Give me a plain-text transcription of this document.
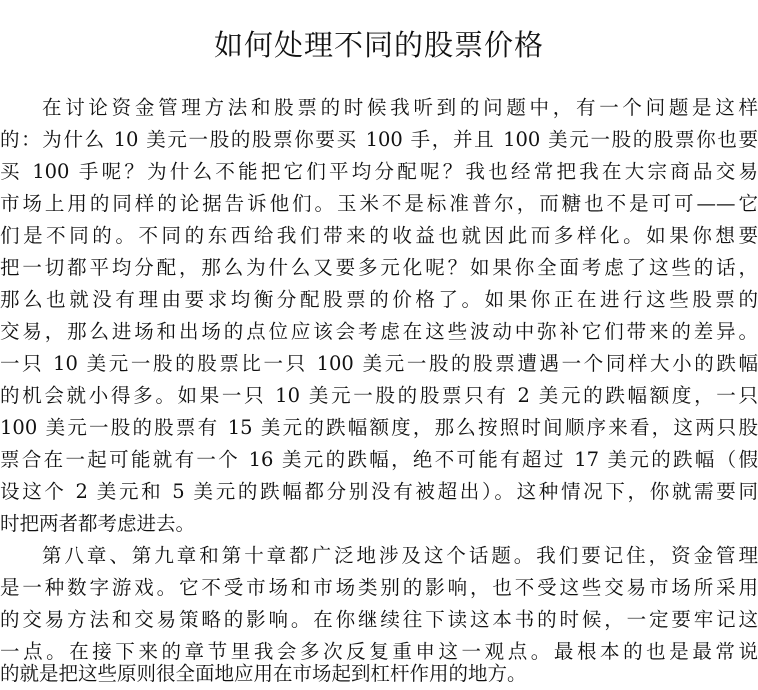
如何处理不同的股票价格
在讨论资金管理方法和股票的时候我听到的问题中，有一个问题是这样
的：为什么 10 美元一股的股票你要买 100 手，并且 100 美元一股的股票你也要
买 100 手呢？为什么不能把它们平均分配呢？我也经常把我在大宗商品交易
市场上用的同样的论据告诉他们。玉米不是标准普尔，而糖也不是可可——它
们是不同的。不同的东西给我们带来的收益也就因此而多样化。如果你想要
把一切都平均分配，那么为什么又要多元化呢？如果你全面考虑了这些的话，
那么也就没有理由要求均衡分配股票的价格了。如果你正在进行这些股票的
交易，那么进场和出场的点位应该会考虑在这些波动中弥补它们带来的差异。
一只 10 美元一股的股票比一只 100 美元一股的股票遭遇一个同样大小的跌幅
的机会就小得多。如果一只 10 美元一股的股票只有 2 美元的跌幅额度，一只
100 美元一股的股票有 15 美元的跌幅额度，那么按照时间顺序来看，这两只股
票合在一起可能就有一个 16 美元的跌幅，绝不可能有超过 17 美元的跌幅（假
设这个 2 美元和 5 美元的跌幅都分别没有被超出）。这种情况下，你就需要同
时把两者都考虑进去。
第八章、第九章和第十章都广泛地涉及这个话题。我们要记住，资金管理
是一种数字游戏。它不受市场和市场类别的影响，也不受这些交易市场所采用
的交易方法和交易策略的影响。在你继续往下读这本书的时候，一定要牢记这
一点。在接下来的章节里我会多次反复重申这一观点。最根本的也是最常说
的就是把这些原则很全面地应用在市场起到杠杆作用的地方。
